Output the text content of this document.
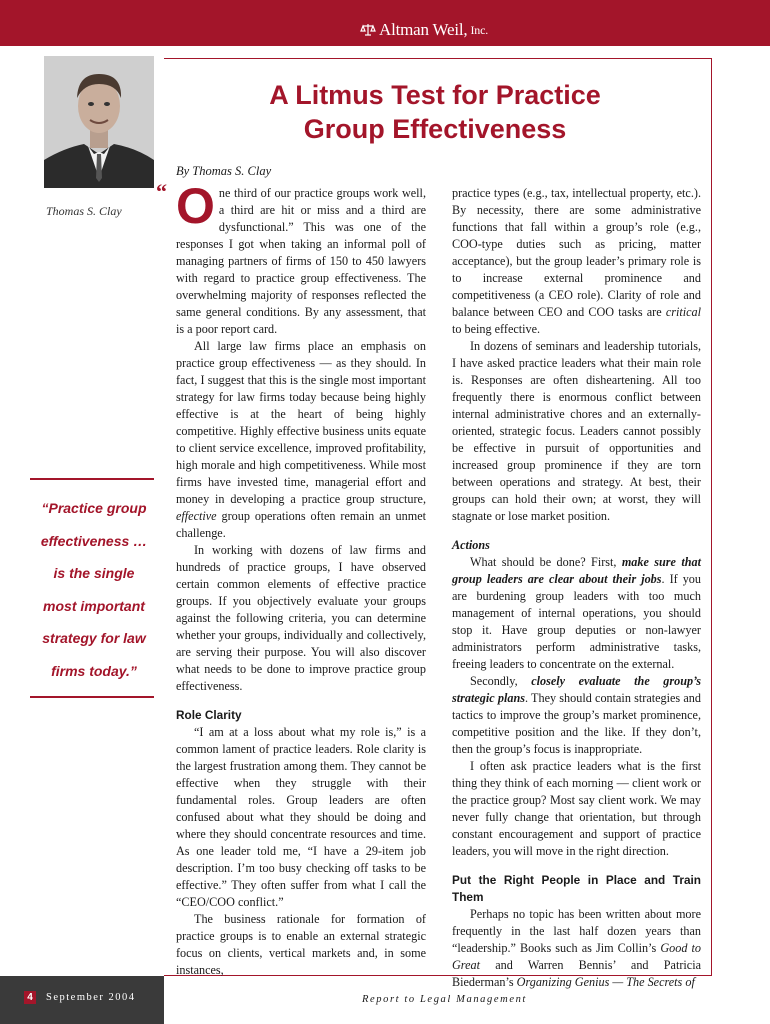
Altman Weil, Inc.
Thomas S. Clay
“Practice group
effectiveness …
is the single
most important
strategy for law
firms today.”
A Litmus Test for Practice
Group Effectiveness
By Thomas S. Clay

“ O ne third of our practice groups work well, a third are hit or miss and a third are dysfunctional.” This was one of the responses I got when taking an informal poll of managing partners of firms of 150 to 450 lawyers with regard to practice group effectiveness. The overwhelming majority of responses reflected the same general conditions. By any assessment, that is a poor report card.

All large law firms place an emphasis on practice group effectiveness — as they should. In fact, I suggest that this is the single most important strategy for law firms today because being highly effective is at the heart of being highly competitive. Highly effective business units equate to client service excellence, improved profitability, high morale and high competitiveness. While most firms have invested time, managerial effort and money in developing a practice group structure, effective group operations often remain an unmet challenge.

In working with dozens of law firms and hundreds of practice groups, I have observed certain common elements of effective practice groups. If you objectively evaluate your groups against the following criteria, you can determine whether your groups, individually and collectively, are serving their purpose. You will also discover what needs to be done to improve practice group effectiveness.

Role Clarity

“I am at a loss about what my role is,” is a common lament of practice leaders. Role clarity is the largest frustration among them. They cannot be effective when they struggle with their fundamental roles. Group leaders are often confused about what they should be doing and where they should concentrate resources and time. As one leader told me, “I have a 29-item job description. I’m too busy checking off tasks to be effective.” They often suffer from what I call the “CEO/COO conflict.”

The business rationale for formation of practice groups is to enable an external strategic focus on clients, vertical markets and, in some instances,

practice types (e.g., tax, intellectual property, etc.). By necessity, there are some administrative functions that fall within a group’s role (e.g., COO-type duties such as pricing, matter acceptance), but the group leader’s primary role is to increase external prominence and competitiveness (a CEO role). Clarity of role and balance between CEO and COO tasks are critical to being effective.

In dozens of seminars and leadership tutorials, I have asked practice leaders what their main role is. Responses are often disheartening. All too frequently there is enormous conflict between internal administrative chores and an externally-oriented, strategic focus. Leaders cannot possibly be effective in pursuit of opportunities and increased group prominence if they are torn between operations and strategy. At best, their groups can hold their own; at worst, they will stagnate or lose market position.

Actions

What should be done? First, make sure that group leaders are clear about their jobs. If you are burdening group leaders with too much management of internal operations, you should stop it. Have group deputies or non-lawyer administrators perform administrative tasks, freeing leaders to concentrate on the external.

Secondly, closely evaluate the group’s strategic plans. They should contain strategies and tactics to improve the group’s market prominence, competitive position and the like. If they don’t, then the group’s focus is inappropriate.

I often ask practice leaders what is the first thing they think of each morning — client work or the practice group? Most say client work. We may never fully change that orientation, but through constant encouragement and support of practice leaders, you will move in the right direction.

Put the Right People in Place and Train Them

Perhaps no topic has been written about more frequently in the last half dozen years than “leadership.” Books such as Jim Collin’s Good to Great and Warren Bennis’ and Patricia Biederman’s Organizing Genius — The Secrets of

4	September 2004	Report to Legal Management
